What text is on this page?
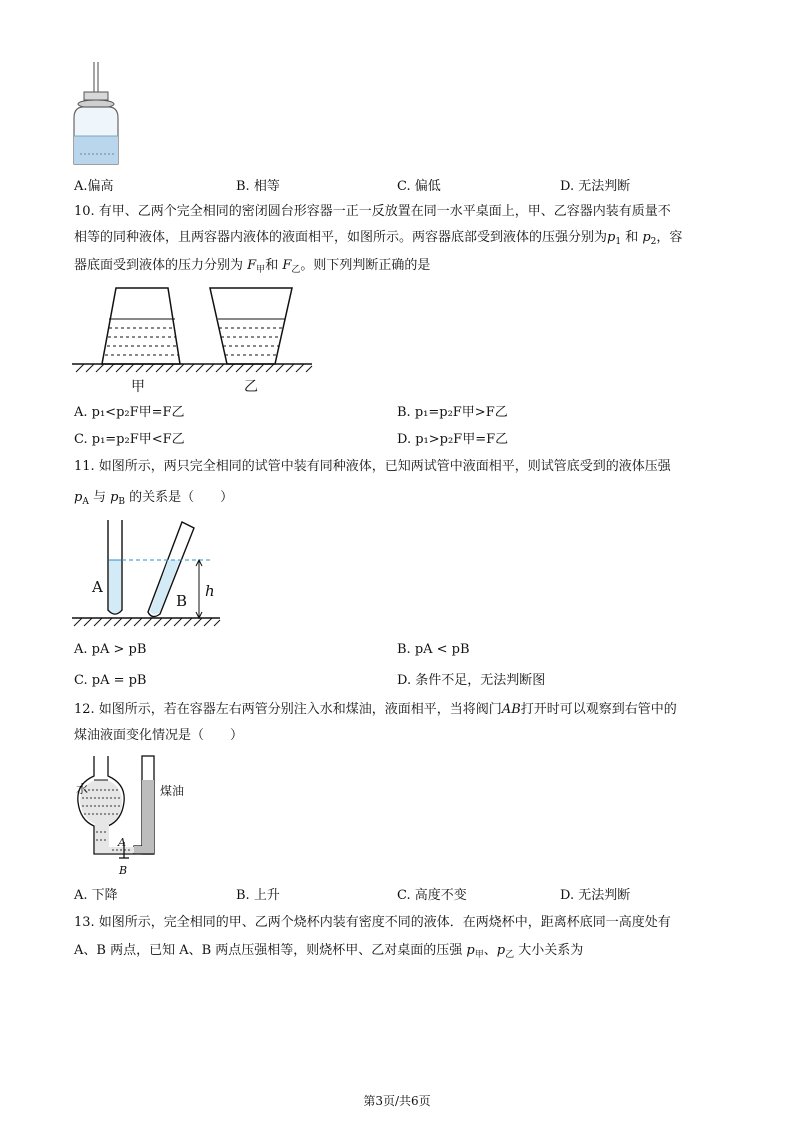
A.偏高	B. 相等	C. 偏低	D. 无法判断
10. 有甲、乙两个完全相同的密闭圆台形容器一正一反放置在同一水平桌面上，甲、乙容器内装有质量不
相等的同种液体，且两容器内液体的液面相平，如图所示。两容器底部受到液体的压强分别为$p_1$ 和 $p_2$，容
器底面受到液体的压力分别为 $F_甲$和 $F_乙$。则下列判断正确的是
甲	乙
A. p₁<p₂F甲=F乙	B. p₁=p₂F甲>F乙
C. p₁=p₂F甲<F乙	D. p₁>p₂F甲=F乙
11. 如图所示，两只完全相同的试管中装有同种液体，已知两试管中液面相平，则试管底受到的液体压强
$p_A$ 与 $p_B$ 的关系是（　　）
A
B
h
A. pA > pB	B. pA < pB
C. pA = pB	D. 条件不足，无法判断图
12. 如图所示，若在容器左右两管分别注入水和煤油，液面相平，当将阀门AB打开时可以观察到右管中的
煤油液面变化情况是（　　）
水	煤油
A
B
A. 下降	B. 上升	C. 高度不变	D. 无法判断
13. 如图所示，完全相同的甲、乙两个烧杯内装有密度不同的液体．在两烧杯中，距离杯底同一高度处有
A、B 两点，已知 A、B 两点压强相等，则烧杯甲、乙对桌面的压强 $p_甲$、$p_乙$ 大小关系为
第3页/共6页
